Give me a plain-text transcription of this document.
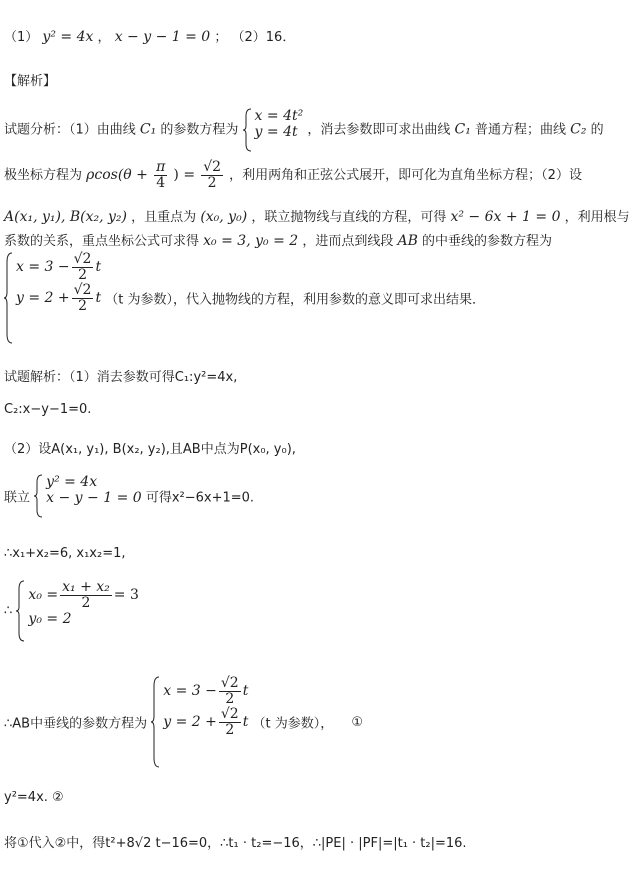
（1） y² = 4x ， x − y − 1 = 0 ； （2）16．
【解析】
试题分析：（1）由曲线 C₁ 的参数方程为
x = 4t²
y = 4t ，消去参数即可求出曲线 C₁ 普通方程；曲线 C₂ 的
极坐标方程为 $\rho\cos(\theta + \frac{\pi}{4}$ ) = $\frac{√2}{2}$ ，利用两角和正弦公式展开，即可化为直角坐标方程；（2）设
A(x₁, y₁), B(x₂, y₂) ，且重点为 (x₀, y₀) ，联立抛物线与直线的方程，可得 x² − 6x + 1 = 0 ，利用根与
系数的关系，重点坐标公式可求得 x₀ = 3, y₀ = 2 ，进而点到线段 AB 的中垂线的参数方程为
$x = 3 - \frac{√2}{2}$ t
$y = 2 + \frac{√2}{2}$ t （t 为参数），代入抛物线的方程，利用参数的意义即可求出结果．
试题解析：（1）消去参数可得C₁:y²=4x,
C₂:x−y−1=0.
（2）设A(x₁, y₁), B(x₂, y₂),且AB中点为P(x₀, y₀),
联立
y² = 4x
x − y − 1 = 0 可得x²−6x+1=0.
∴x₁+x₂=6, x₁x₂=1,
∴
$x_0 = \frac{\text{x₁ + x₂}}{2} = 3$
y₀ = 2
∴AB中垂线的参数方程为
$x = 3 - \frac{√2}{2}$ t
$y = 2 + \frac{√2}{2}$ t （t 为参数）， ①
y²=4x. ②
将①代入②中，得t²+8√2 t−16=0，∴t₁ · t₂=−16，∴|PE| · |PF|=|t₁ · t₂|=16.
